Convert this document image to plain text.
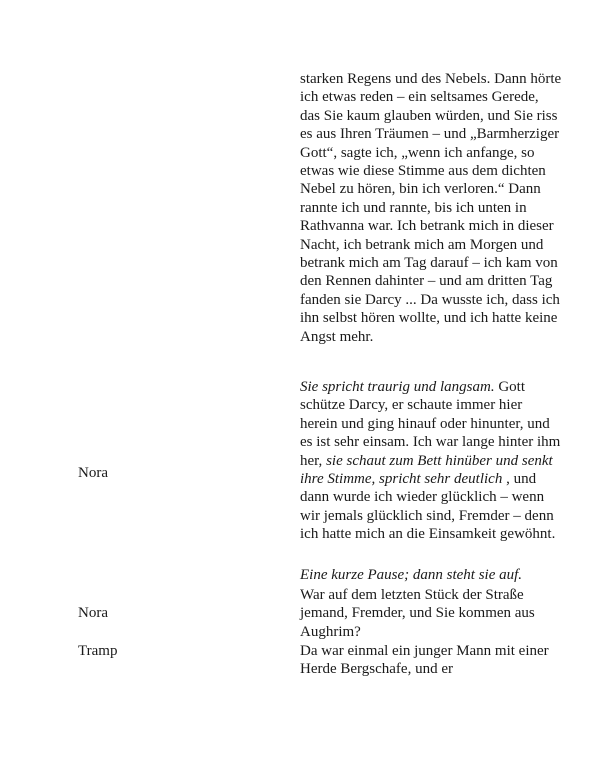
starken Regens und des Nebels. Dann hörte ich etwas reden – ein seltsames Gerede, das Sie kaum glauben würden, und Sie riss es aus Ihren Träumen – und „Barmherziger Gott“, sagte ich, „wenn ich anfange, so etwas wie diese Stimme aus dem dichten Nebel zu hören, bin ich verloren.“ Dann rannte ich und rannte, bis ich unten in Rathvanna war. Ich betrank mich in dieser Nacht, ich betrank mich am Morgen und betrank mich am Tag darauf – ich kam von den Rennen dahinter – und am dritten Tag fanden sie Darcy ... Da wusste ich, dass ich ihn selbst hören wollte, und ich hatte keine Angst mehr.

Nora

Sie spricht traurig und langsam. Gott schütze Darcy, er schaute immer hier herein und ging hinauf oder hinunter, und es ist sehr einsam. Ich war lange hinter ihm her, sie schaut zum Bett hinüber und senkt ihre Stimme, spricht sehr deutlich , und dann wurde ich wieder glücklich – wenn wir jemals glücklich sind, Fremder – denn ich hatte mich an die Einsamkeit gewöhnt.

Eine kurze Pause; dann steht sie auf.

Nora

War auf dem letzten Stück der Straße jemand, Fremder, und Sie kommen aus Aughrim?

Tramp	Da war einmal ein junger Mann mit einer Herde Bergschafe, und er
